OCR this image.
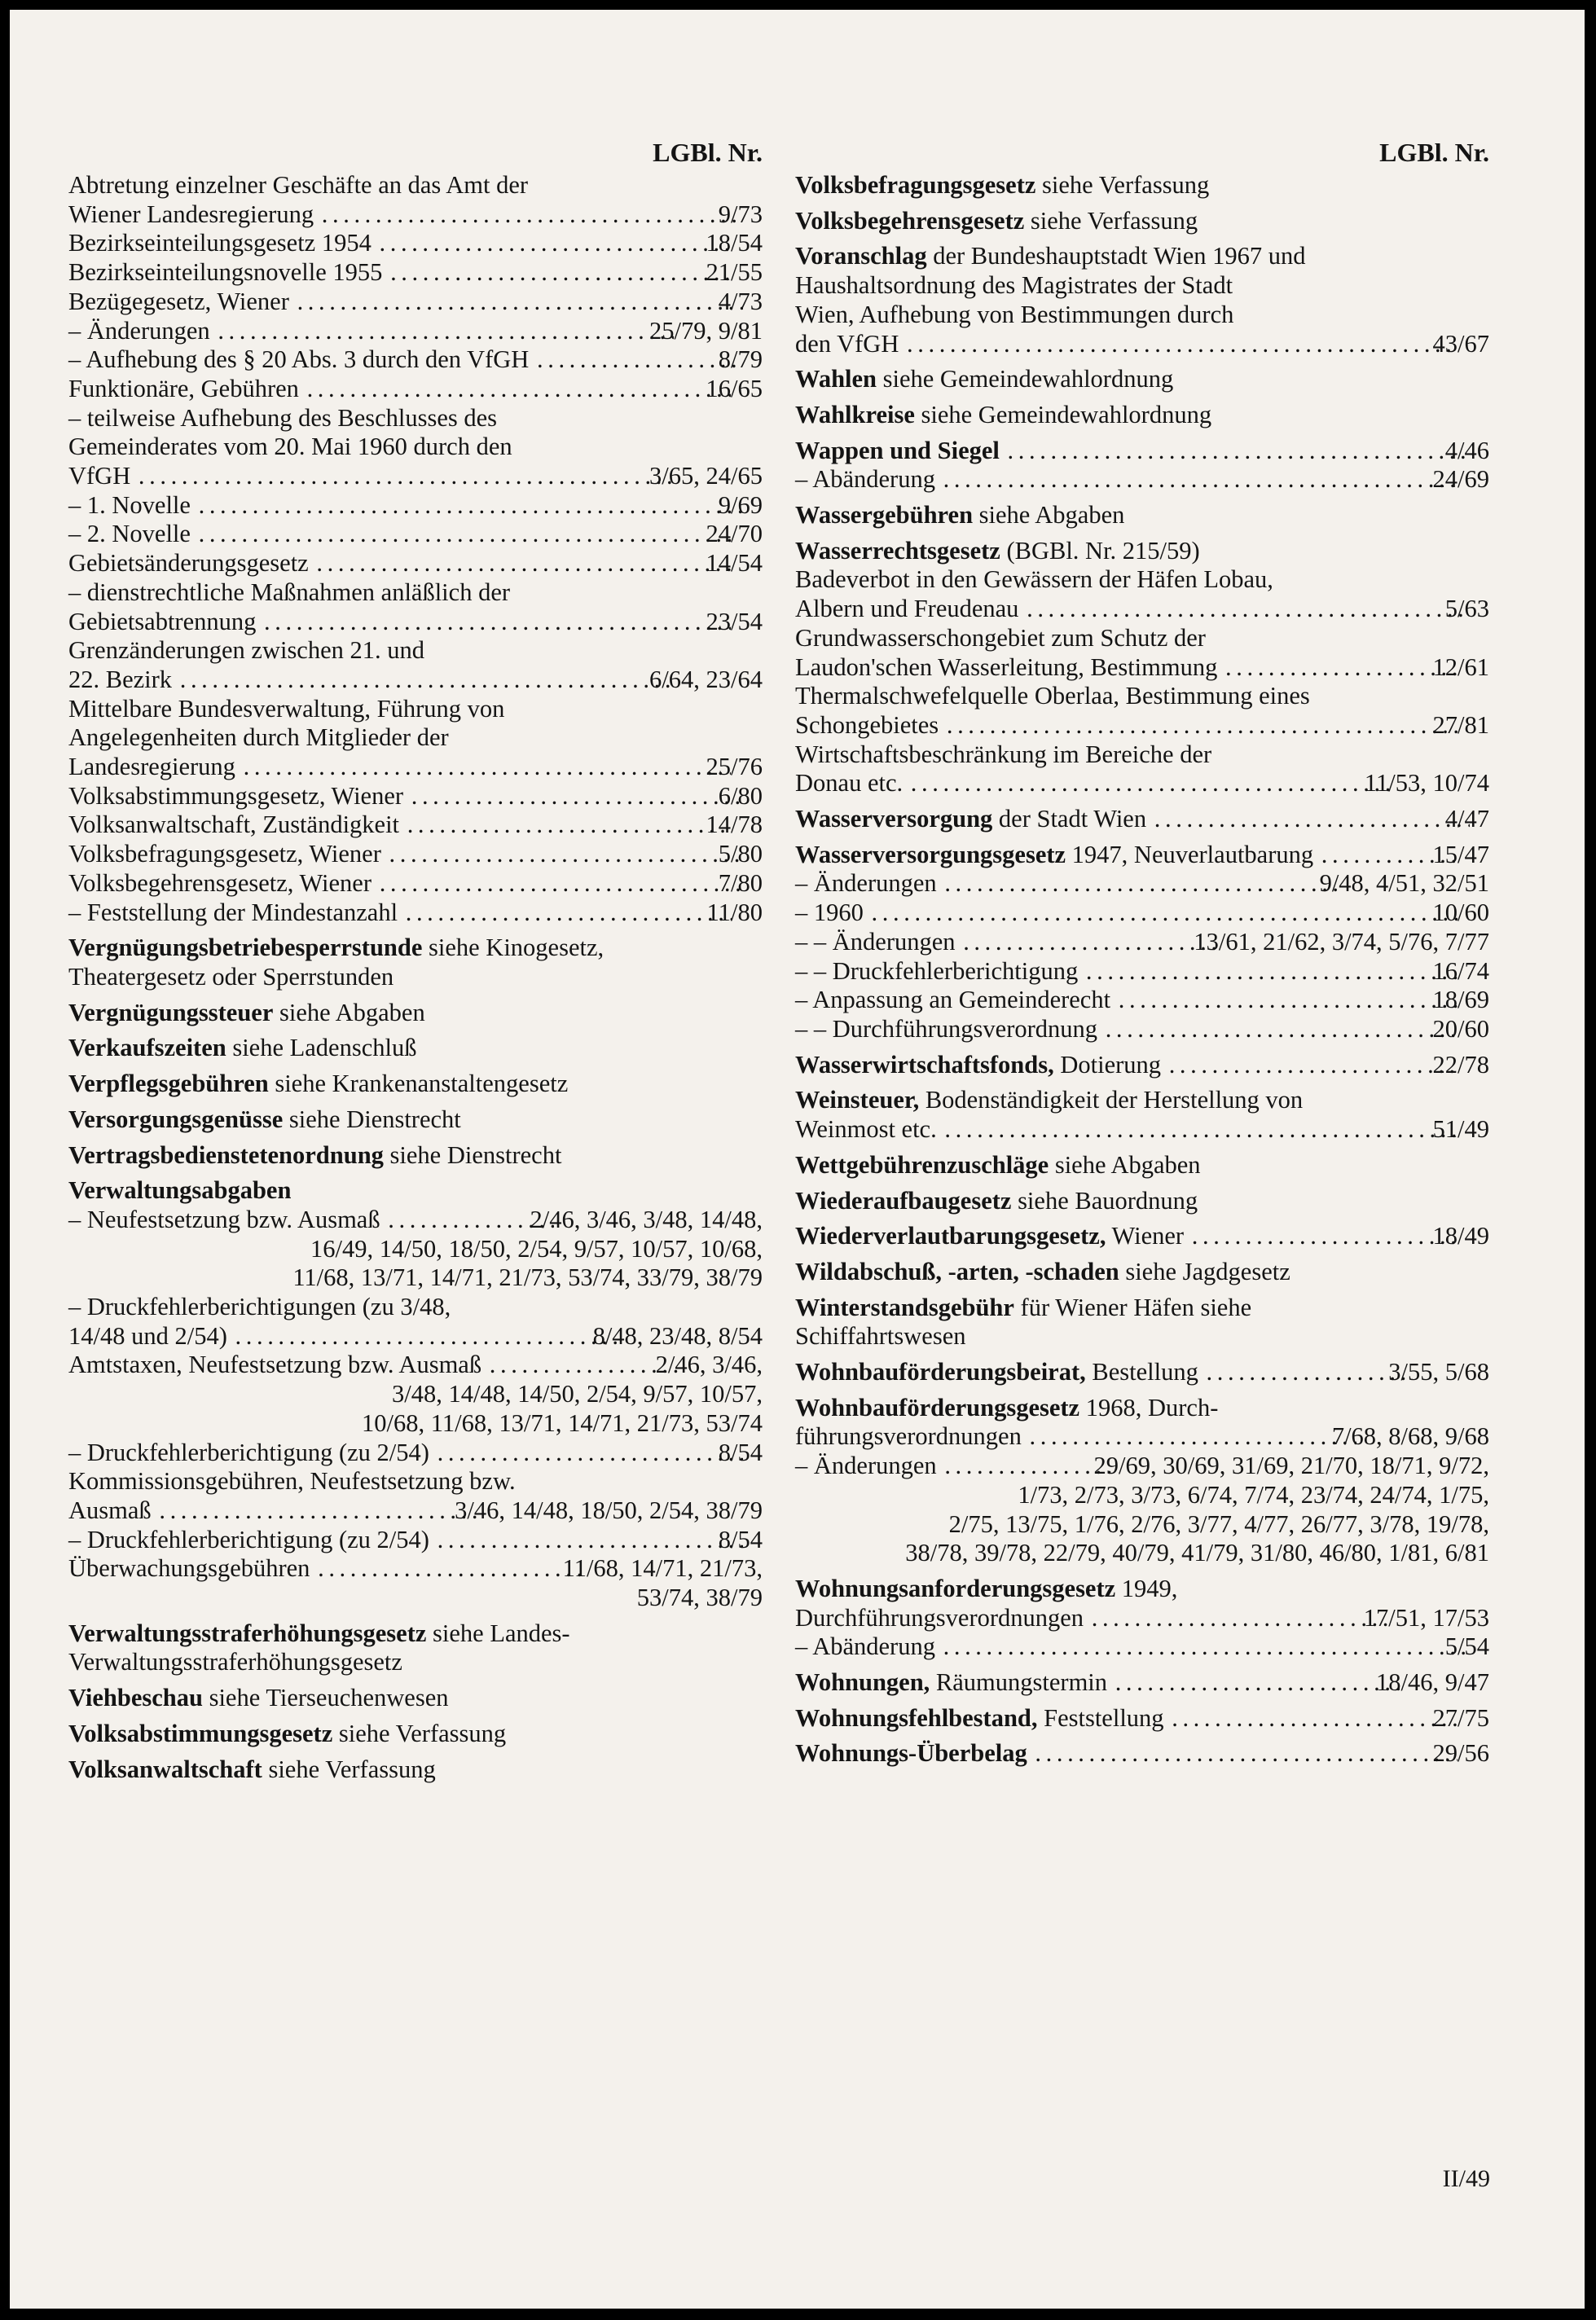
LGBl. Nr.
Abtretung einzelner Geschäfte an das Amt der
Wiener Landesregierung .....	9/73
Bezirkseinteilungsgesetz 1954 .....	18/54
Bezirkseinteilungsnovelle 1955 .....	21/55
Bezügegesetz, Wiener .....	4/73
– Änderungen .....	25/79, 9/81
– Aufhebung des § 20 Abs. 3 durch den VfGH .....	8/79
Funktionäre, Gebühren .....	16/65
– teilweise Aufhebung des Beschlusses des
Gemeinderates vom 20. Mai 1960 durch den
VfGH .....	3/65, 24/65
– 1. Novelle .....	9/69
– 2. Novelle .....	24/70
Gebietsänderungsgesetz .....	14/54
– dienstrechtliche Maßnahmen anläßlich der
Gebietsabtrennung .....	23/54
Grenzänderungen zwischen 21. und
22. Bezirk .....	6/64, 23/64
Mittelbare Bundesverwaltung, Führung von
Angelegenheiten durch Mitglieder der
Landesregierung .....	25/76
Volksabstimmungsgesetz, Wiener .....	6/80
Volksanwaltschaft, Zuständigkeit .....	14/78
Volksbefragungsgesetz, Wiener .....	5/80
Volksbegehrensgesetz, Wiener .....	7/80
– Feststellung der Mindestanzahl .....	11/80
Vergnügungsbetriebesperrstunde siehe Kinogesetz,
Theatergesetz oder Sperrstunden
Vergnügungssteuer siehe Abgaben
Verkaufszeiten siehe Ladenschluß
Verpflegsgebühren siehe Krankenanstaltengesetz
Versorgungsgenüsse siehe Dienstrecht
Vertragsbedienstetenordnung siehe Dienstrecht
Verwaltungsabgaben
– Neufestsetzung bzw. Ausmaß .....	2/46, 3/46, 3/48, 14/48,
16/49, 14/50, 18/50, 2/54, 9/57, 10/57, 10/68,
11/68, 13/71, 14/71, 21/73, 53/74, 33/79, 38/79
– Druckfehlerberichtigungen (zu 3/48,
14/48 und 2/54) .....	8/48, 23/48, 8/54
Amtstaxen, Neufestsetzung bzw. Ausmaß .....	2/46, 3/46,
3/48, 14/48, 14/50, 2/54, 9/57, 10/57,
10/68, 11/68, 13/71, 14/71, 21/73, 53/74
– Druckfehlerberichtigung (zu 2/54) .....	8/54
Kommissionsgebühren, Neufestsetzung bzw.
Ausmaß .....	3/46, 14/48, 18/50, 2/54, 38/79
– Druckfehlerberichtigung (zu 2/54) .....	8/54
Überwachungsgebühren .....	11/68, 14/71, 21/73,
53/74, 38/79
Verwaltungsstraferhöhungsgesetz siehe Landes-
Verwaltungsstraferhöhungsgesetz
Viehbeschau siehe Tierseuchenwesen
Volksabstimmungsgesetz siehe Verfassung
Volksanwaltschaft siehe Verfassung
LGBl. Nr.
Volksbefragungsgesetz siehe Verfassung
Volksbegehrensgesetz siehe Verfassung
Voranschlag der Bundeshauptstadt Wien 1967 und
Haushaltsordnung des Magistrates der Stadt
Wien, Aufhebung von Bestimmungen durch
den VfGH .....	43/67
Wahlen siehe Gemeindewahlordnung
Wahlkreise siehe Gemeindewahlordnung
Wappen und Siegel .....	4/46
– Abänderung .....	24/69
Wassergebühren siehe Abgaben
Wasserrechtsgesetz (BGBl. Nr. 215/59)
Badeverbot in den Gewässern der Häfen Lobau,
Albern und Freudenau .....	5/63
Grundwasserschongebiet zum Schutz der
Laudon'schen Wasserleitung, Bestimmung .....	12/61
Thermalschwefelquelle Oberlaa, Bestimmung eines
Schongebietes .....	27/81
Wirtschaftsbeschränkung im Bereiche der
Donau etc. .....	11/53, 10/74
Wasserversorgung der Stadt Wien .....	4/47
Wasserversorgungsgesetz 1947, Neuverlautbarung .....	15/47
– Änderungen .....	9/48, 4/51, 32/51
– 1960 .....	10/60
– – Änderungen .....	13/61, 21/62, 3/74, 5/76, 7/77
– – Druckfehlerberichtigung .....	16/74
– Anpassung an Gemeinderecht .....	18/69
– – Durchführungsverordnung .....	20/60
Wasserwirtschaftsfonds, Dotierung .....	22/78
Weinsteuer, Bodenständigkeit der Herstellung von
Weinmost etc. .....	51/49
Wettgebührenzuschläge siehe Abgaben
Wiederaufbaugesetz siehe Bauordnung
Wiederverlautbarungsgesetz, Wiener .....	18/49
Wildabschuß, -arten, -schaden siehe Jagdgesetz
Winterstandsgebühr für Wiener Häfen siehe
Schiffahrtswesen
Wohnbauförderungsbeirat, Bestellung .....	3/55, 5/68
Wohnbauförderungsgesetz 1968, Durch-
führungsverordnungen .....	7/68, 8/68, 9/68
– Änderungen .....	29/69, 30/69, 31/69, 21/70, 18/71, 9/72,
1/73, 2/73, 3/73, 6/74, 7/74, 23/74, 24/74, 1/75,
2/75, 13/75, 1/76, 2/76, 3/77, 4/77, 26/77, 3/78, 19/78,
38/78, 39/78, 22/79, 40/79, 41/79, 31/80, 46/80, 1/81, 6/81
Wohnungsanforderungsgesetz 1949,
Durchführungsverordnungen .....	17/51, 17/53
– Abänderung .....	5/54
Wohnungen, Räumungstermin .....	18/46, 9/47
Wohnungsfehlbestand, Feststellung .....	27/75
Wohnungs-Überbelag .....	29/56
II/49
